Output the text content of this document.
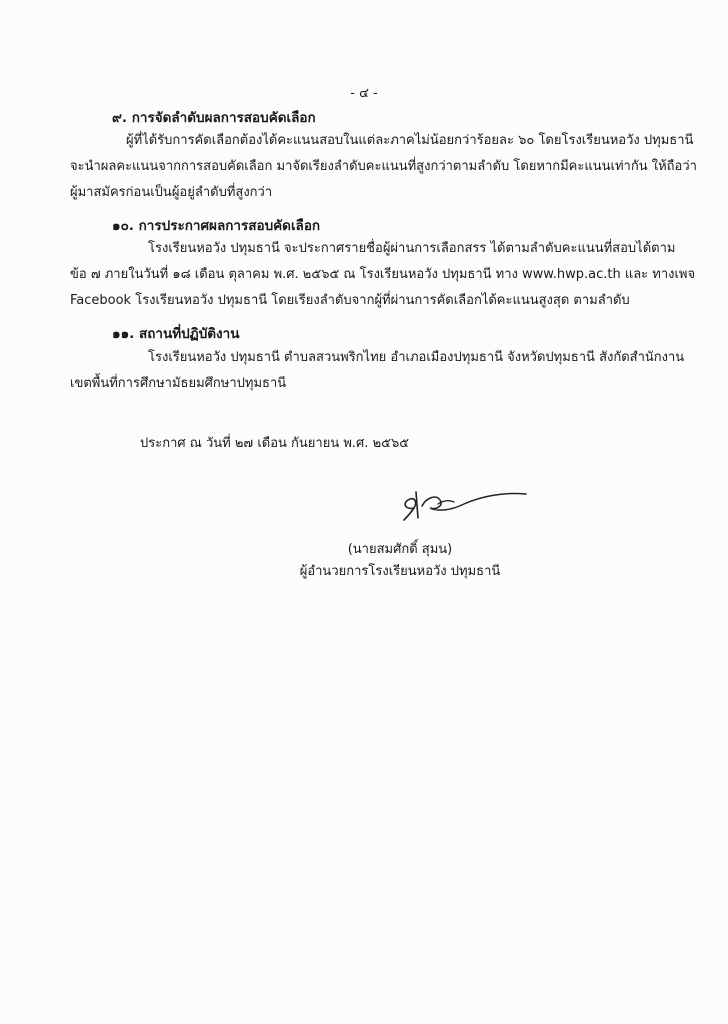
- ๔ -
๙. การจัดลำดับผลการสอบคัดเลือก
ผู้ที่ได้รับการคัดเลือกต้องได้คะแนนสอบในแต่ละภาคไม่น้อยกว่าร้อยละ ๖๐ โดยโรงเรียนหอวัง ปทุมธานี
จะนำผลคะแนนจากการสอบคัดเลือก มาจัดเรียงลำดับคะแนนที่สูงกว่าตามลำดับ โดยหากมีคะแนนเท่ากัน ให้ถือว่า
ผู้มาสมัครก่อนเป็นผู้อยู่ลำดับที่สูงกว่า
๑๐. การประกาศผลการสอบคัดเลือก
โรงเรียนหอวัง ปทุมธานี จะประกาศรายชื่อผู้ผ่านการเลือกสรร ได้ตามลำดับคะแนนที่สอบได้ตาม
ข้อ ๗ ภายในวันที่ ๑๘ เดือน ตุลาคม พ.ศ. ๒๕๖๕ ณ โรงเรียนหอวัง ปทุมธานี ทาง www.hwp.ac.th และ ทางเพจ
Facebook โรงเรียนหอวัง ปทุมธานี โดยเรียงลำดับจากผู้ที่ผ่านการคัดเลือกได้คะแนนสูงสุด ตามลำดับ
๑๑. สถานที่ปฏิบัติงาน
โรงเรียนหอวัง ปทุมธานี ตำบลสวนพริกไทย อำเภอเมืองปทุมธานี จังหวัดปทุมธานี สังกัดสำนักงาน
เขตพื้นที่การศึกษามัธยมศึกษาปทุมธานี
ประกาศ ณ วันที่ ๒๗ เดือน กันยายน พ.ศ. ๒๕๖๕
(นายสมศักดิ์ สุมน)
ผู้อำนวยการโรงเรียนหอวัง ปทุมธานี
